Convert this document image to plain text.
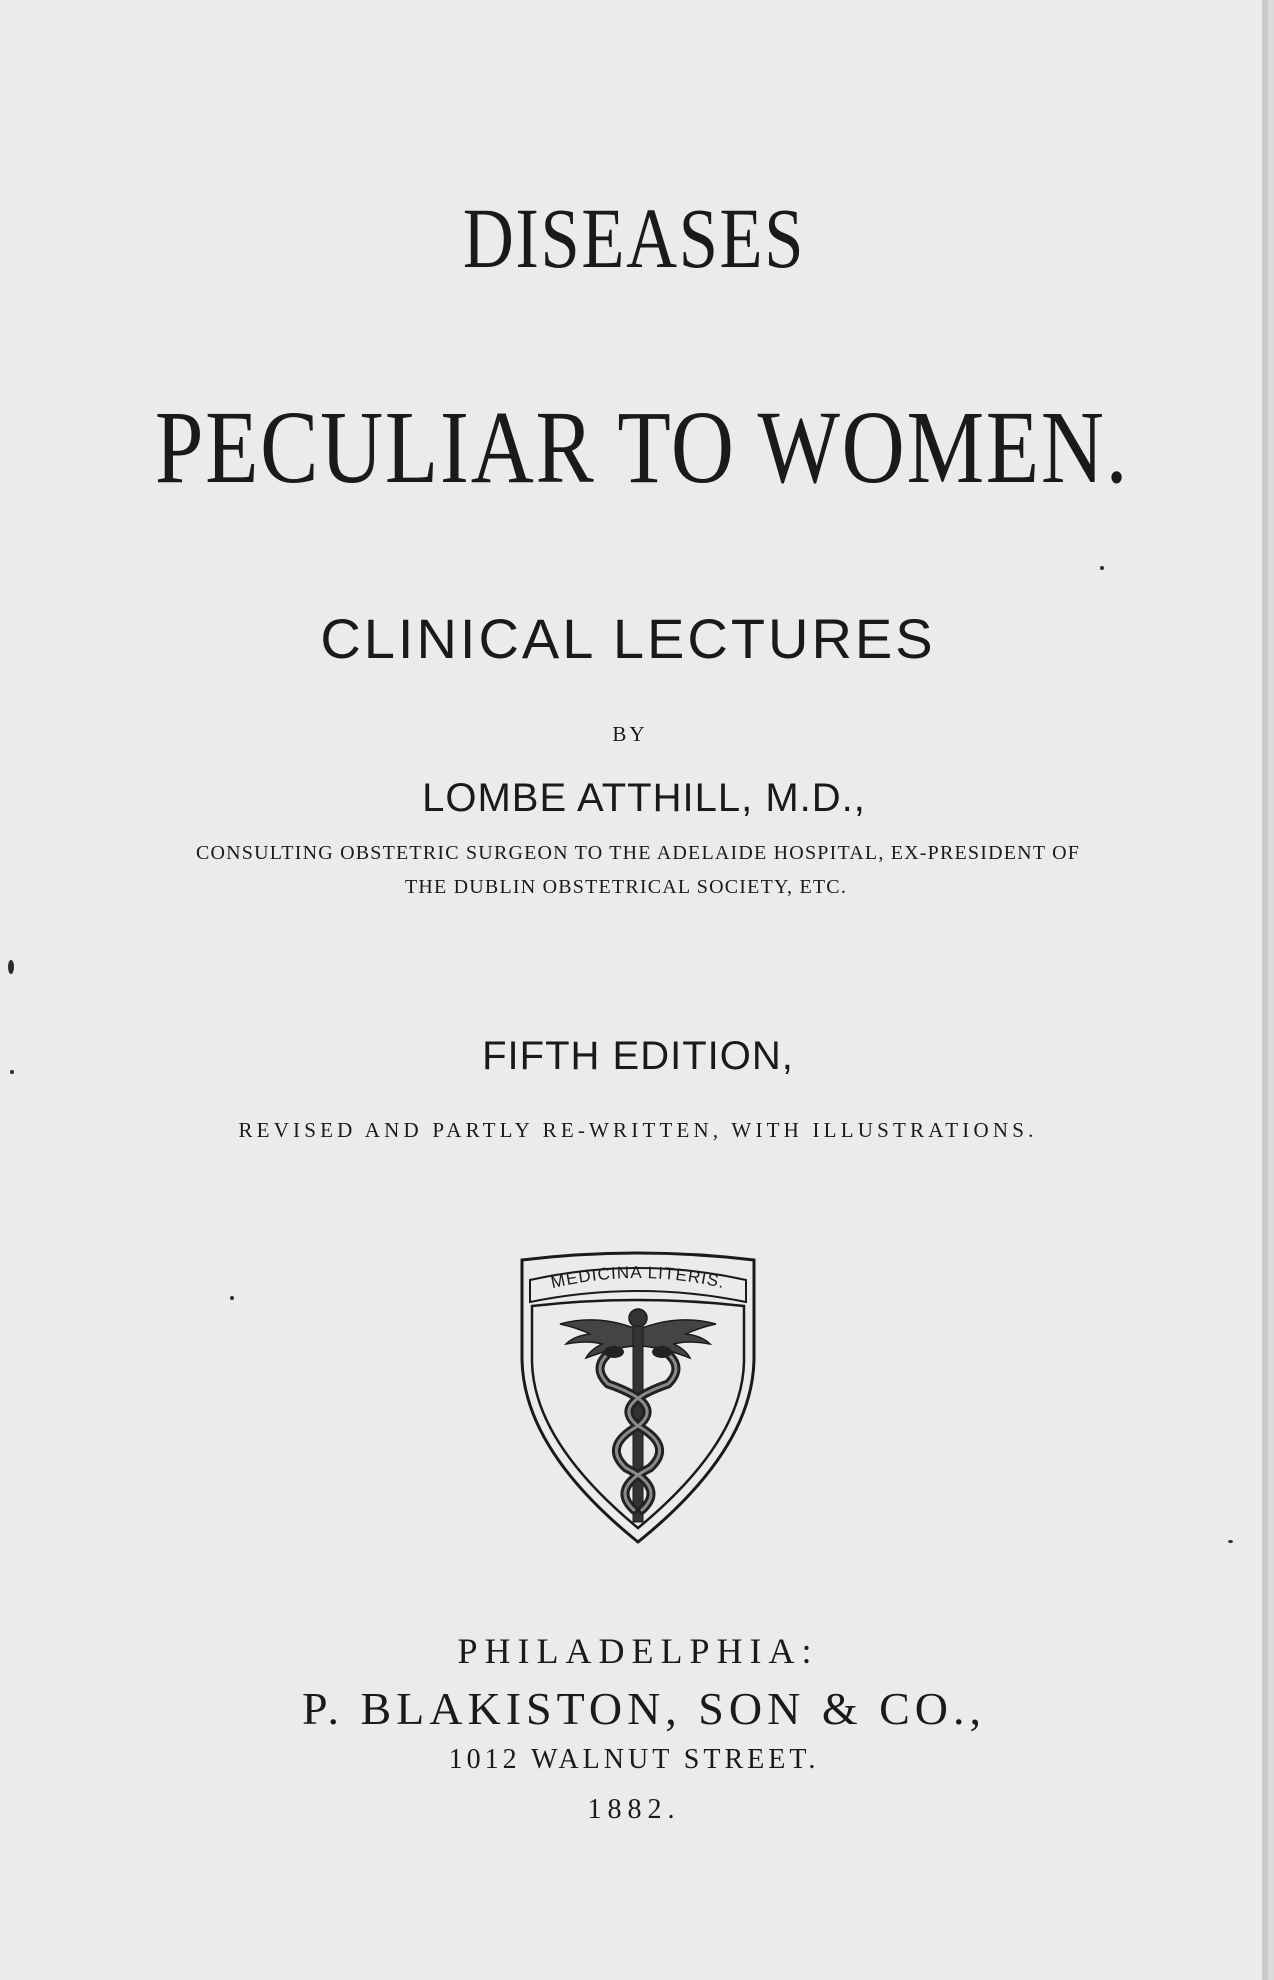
DISEASES
PECULIAR TO WOMEN.
CLINICAL LECTURES
BY
LOMBE ATTHILL, M.D.,
CONSULTING OBSTETRIC SURGEON TO THE ADELAIDE HOSPITAL, EX-PRESIDENT OF
THE DUBLIN OBSTETRICAL SOCIETY, ETC.
FIFTH EDITION,
REVISED AND PARTLY RE-WRITTEN, WITH ILLUSTRATIONS.
MEDICINA LITERIS.
PHILADELPHIA:
P. BLAKISTON, SON & CO.,
1012 WALNUT STREET.
1882.
